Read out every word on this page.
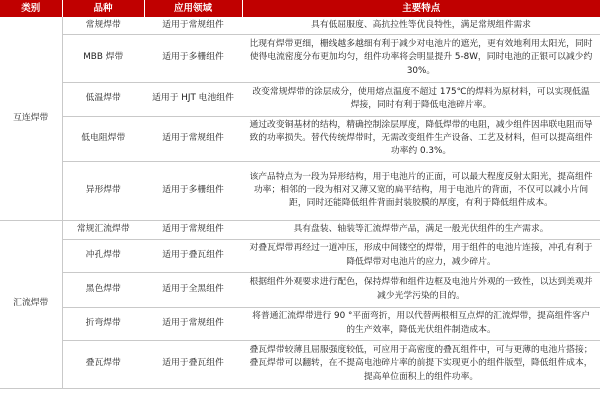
类别	品种	应用领域	主要特点
互连焊带	常规焊带	适用于常规组件	具有低屈服度、高抗拉性等优良特性，满足常规组件需求
	MBB 焊带	适用于多栅组件	比现有焊带更细，栅线越多越细有利于减少对电池片的遮光，更有效地利用太阳光，同时使得电流密度分布更加均匀，组件功率将会明显提升 5-8W，同时电池的正银可以减少约 30%。
	低温焊带	适用于 HJT 电池组件	改变常规焊带的涂层成分，使用熔点温度不超过 175℃的焊料为原材料，可以实现低温焊接，同时有利于降低电池碎片率。
	低电阻焊带	适用于常规组件	通过改变铜基材的结构，精确控制涂层厚度，降低焊带的电阻，减少组件因串联电阻而导致的功率损失。替代传统焊带时，无需改变组件生产设备、工艺及材料，但可以提高组件功率约 0.3%。
	异形焊带	适用于多栅组件	该产品特点为一段为异形结构，用于电池片的正面，可以最大程度反射太阳光，提高组件功率；相邻的一段为相对又薄又宽的扁平结构，用于电池片的背面，不仅可以减小片间距，同时还能降低组件背面封装胶膜的厚度，有利于降低组件成本。
汇流焊带	常规汇流焊带	适用于常规组件	具有盘装、轴装等汇流焊带产品，满足一般光伏组件的生产需求。
	冲孔焊带	适用于叠瓦组件	对叠瓦焊带再经过一道冲压，形成中间镂空的焊带，用于组件的电池片连接，冲孔有利于降低焊带对电池片的应力，减少碎片。
	黑色焊带	适用于全黑组件	根据组件外观要求进行配色，保持焊带和组件边框及电池片外观的一致性，以达到美观并减少光学污染的目的。
	折弯焊带	适用于常规组件	将普通汇流焊带进行 90 °平面弯折，用以代替两根相互点焊的汇流焊带，提高组件客户的生产效率，降低光伏组件制造成本。
	叠瓦焊带	适用于叠瓦组件	叠瓦焊带较薄且屈服强度较低，可应用于高密度的叠瓦组件中，可与更薄的电池片搭接；叠瓦焊带可以翻转，在不提高电池碎片率的前提下实现更小的组件版型，降低组件成本，提高单位面积上的组件功率。
